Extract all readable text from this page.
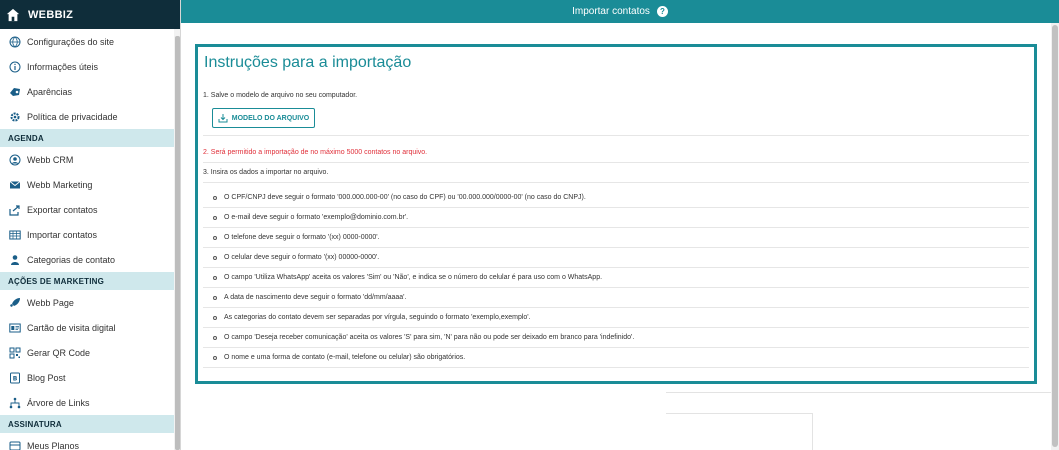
WEBBIZ
Configurações do site
Informações úteis
Aparências
Política de privacidade
AGENDA
Webb CRM
Webb Marketing
Exportar contatos
Importar contatos
Categorias de contato
AÇÕES DE MARKETING
Webb Page
Cartão de visita digital
Gerar QR Code
B Blog Post
Árvore de Links
ASSINATURA
Meus Planos
Importar contatos	?
Instruções para a importação
1. Salve o modelo de arquivo no seu computador.
MODELO DO ARQUIVO
2. Será permitido a importação de no máximo 5000 contatos no arquivo.
3. Insira os dados a importar no arquivo.
O CPF/CNPJ deve seguir o formato '000.000.000-00' (no caso do CPF) ou '00.000.000/0000-00' (no caso do CNPJ).
O e-mail deve seguir o formato 'exemplo@dominio.com.br'.
O telefone deve seguir o formato '(xx) 0000-0000'.
O celular deve seguir o formato '(xx) 00000-0000'.
O campo 'Utiliza WhatsApp' aceita os valores 'Sim' ou 'Não', e indica se o número do celular é para uso com o WhatsApp.
A data de nascimento deve seguir o formato 'dd/mm/aaaa'.
As categorias do contato devem ser separadas por vírgula, seguindo o formato 'exemplo,exemplo'.
O campo 'Deseja receber comunicação' aceita os valores 'S' para sim, 'N' para não ou pode ser deixado em branco para 'indefinido'.
O nome e uma forma de contato (e-mail, telefone ou celular) são obrigatórios.
